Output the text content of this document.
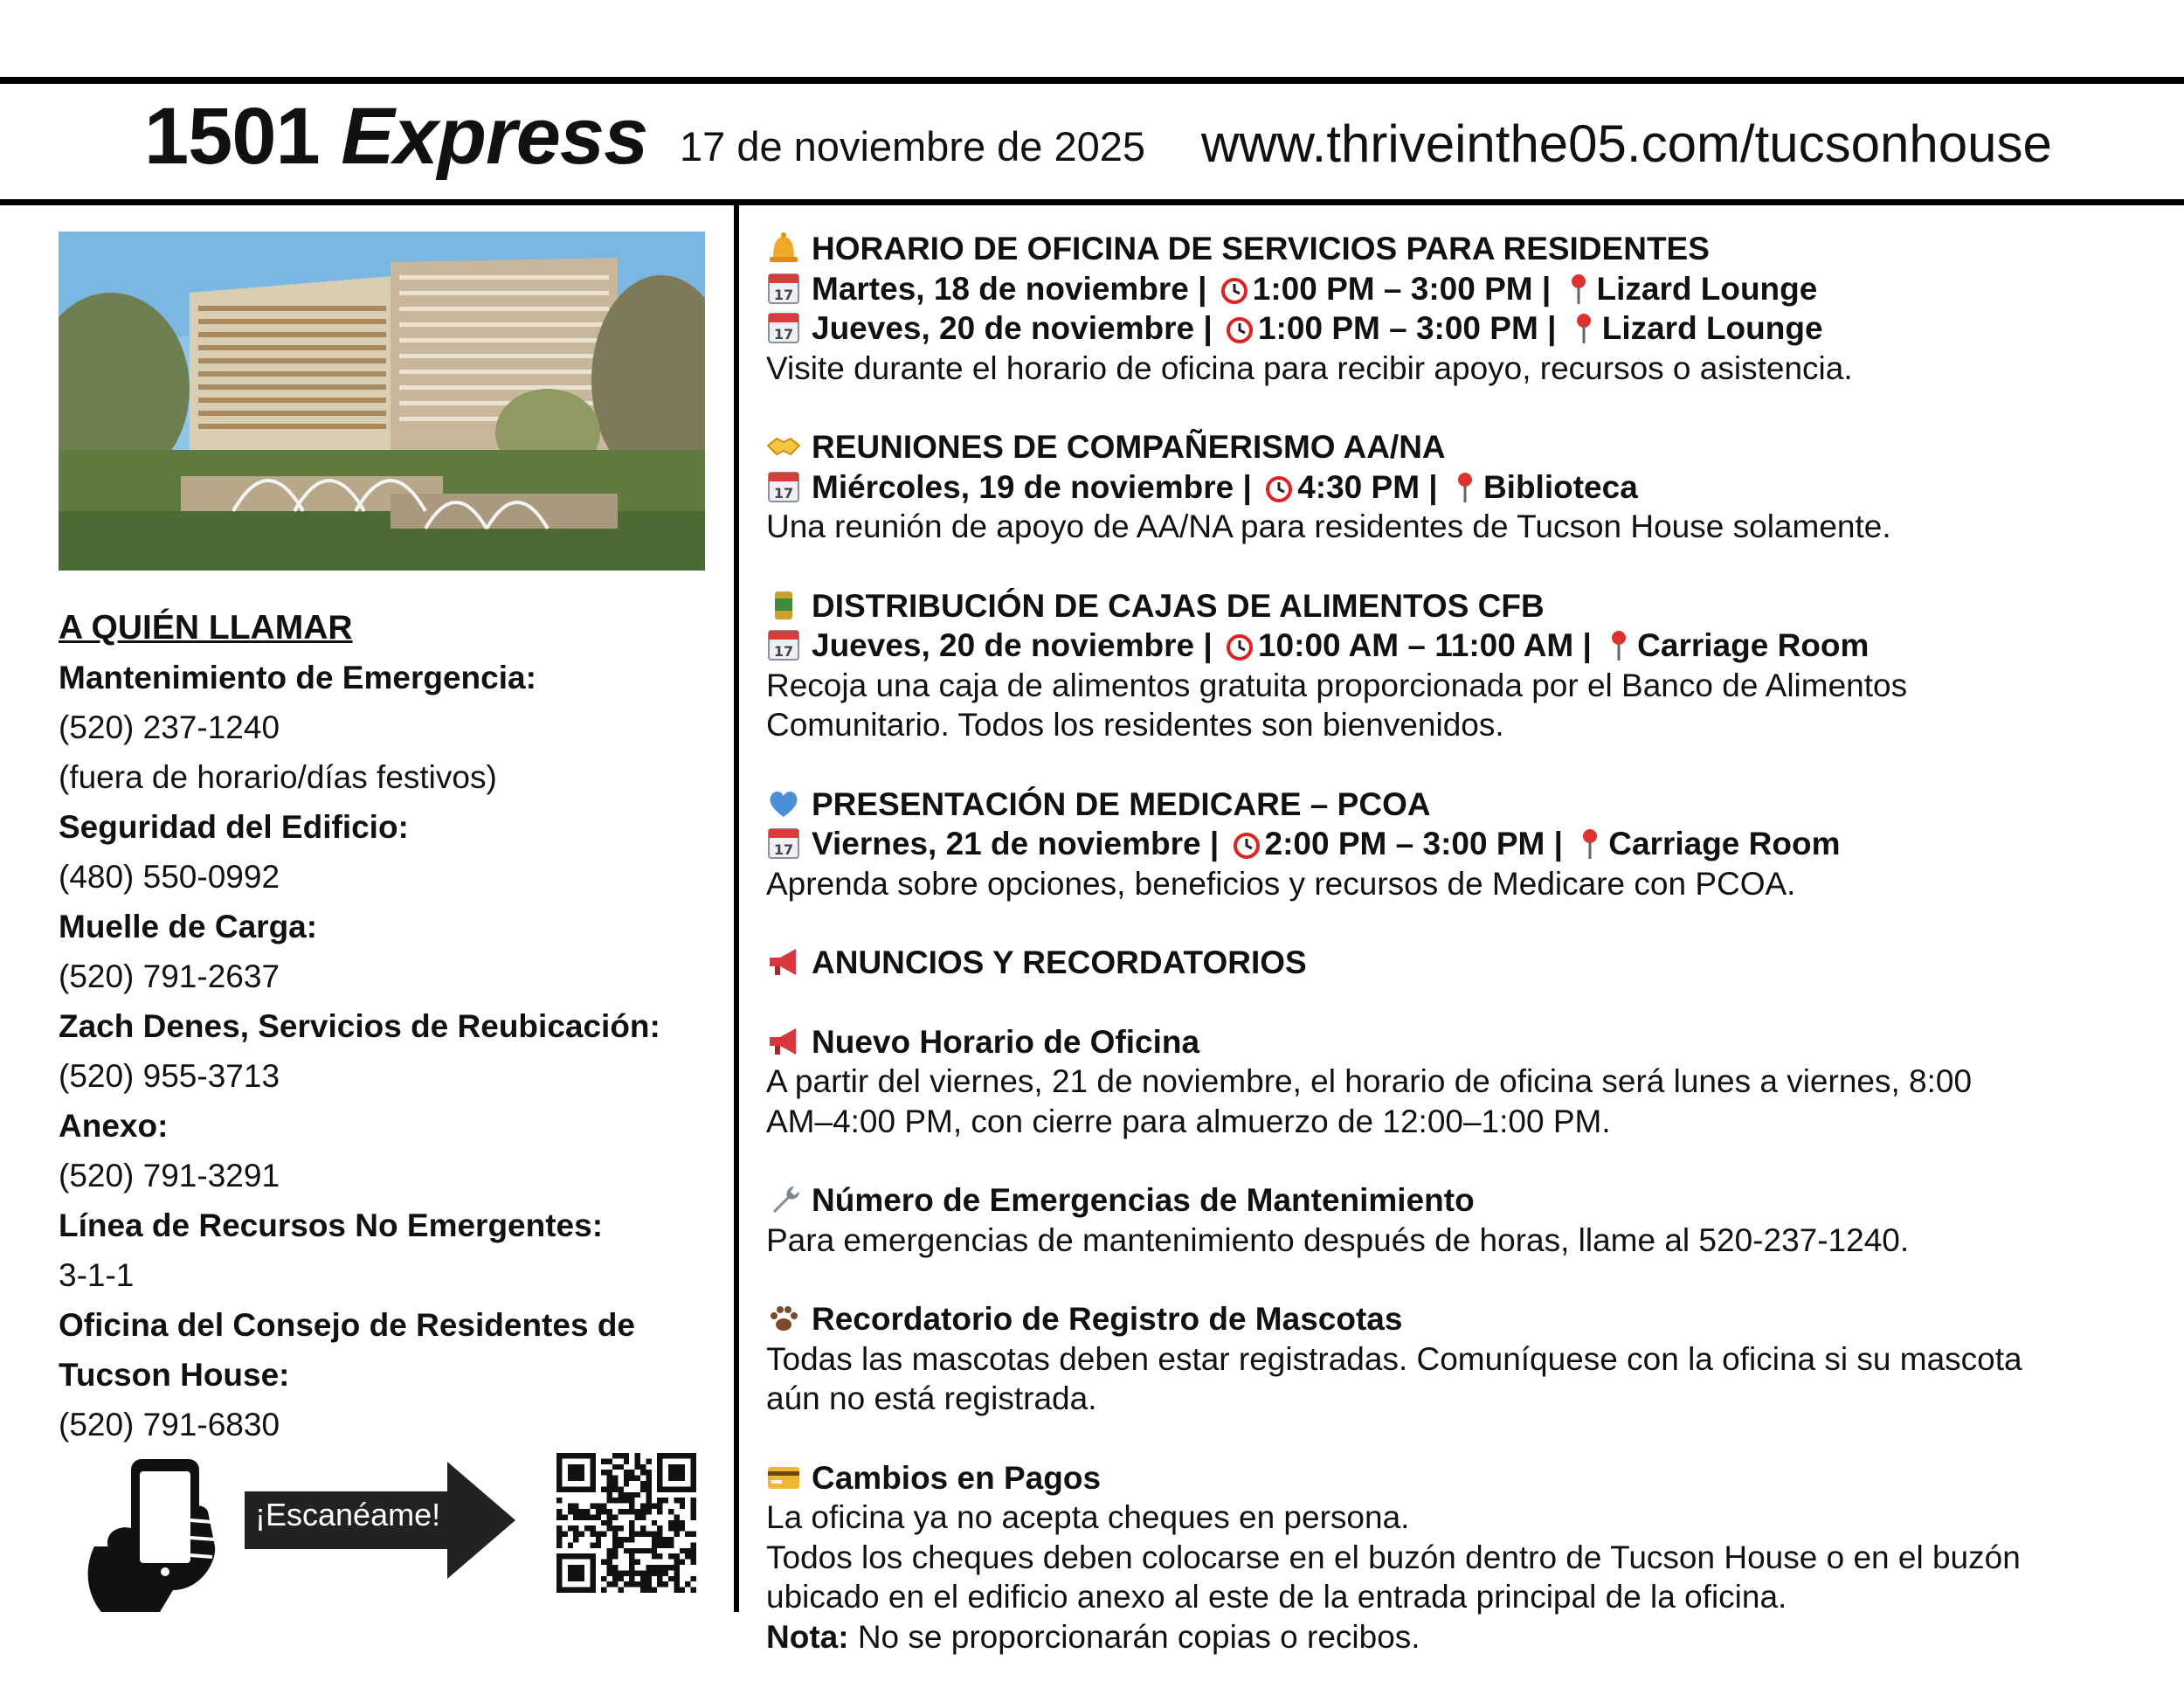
1501 Express 17 de noviembre de 2025 www.thriveinthe05.com/tucsonhouse
A QUIÉN LLAMAR
Mantenimiento de Emergencia:
(520) 237-1240
(fuera de horario/días festivos)
Seguridad del Edificio:
(480) 550-0992
Muelle de Carga:
(520) 791-2637
Zach Denes, Servicios de Reubicación:
(520) 955-3713
Anexo:
(520) 791-3291
Línea de Recursos No Emergentes:
3-1-1
Oficina del Consejo de Residentes de
Tucson House:
(520) 791-6830
¡Escanéame!
HORARIO DE OFICINA DE SERVICIOS PARA RESIDENTES
17 Martes, 18 de noviembre |
1:00 PM – 3:00 PM |
Lizard Lounge
17 Jueves, 20 de noviembre |
1:00 PM – 3:00 PM |
Lizard Lounge

Visite durante el horario de oficina para recibir apoyo, recursos o asistencia.

REUNIONES DE COMPAÑERISMO AA/NA
17 Miércoles, 19 de noviembre |
4:30 PM |
Biblioteca

Una reunión de apoyo de AA/NA para residentes de Tucson House solamente.

DISTRIBUCIÓN DE CAJAS DE ALIMENTOS CFB
17 Jueves, 20 de noviembre |
10:00 AM – 11:00 AM |
Carriage Room

Recoja una caja de alimentos gratuita proporcionada por el Banco de Alimentos Comunitario. Todos los residentes son bienvenidos.

PRESENTACIÓN DE MEDICARE – PCOA
17 Viernes, 21 de noviembre |
2:00 PM – 3:00 PM |
Carriage Room

Aprenda sobre opciones, beneficios y recursos de Medicare con PCOA.

ANUNCIOS Y RECORDATORIOS
Nuevo Horario de Oficina

A partir del viernes, 21 de noviembre, el horario de oficina será lunes a viernes, 8:00

AM–4:00 PM, con cierre para almuerzo de 12:00–1:00 PM.

Número de Emergencias de Mantenimiento

Para emergencias de mantenimiento después de horas, llame al 520-237-1240.

Recordatorio de Registro de Mascotas

Todas las mascotas deben estar registradas. Comuníquese con la oficina si su mascota

aún no está registrada.

Cambios en Pagos

La oficina ya no acepta cheques en persona.

Todos los cheques deben colocarse en el buzón dentro de Tucson House o en el buzón

ubicado en el edificio anexo al este de la entrada principal de la oficina.

Nota: No se proporcionarán copias o recibos.
